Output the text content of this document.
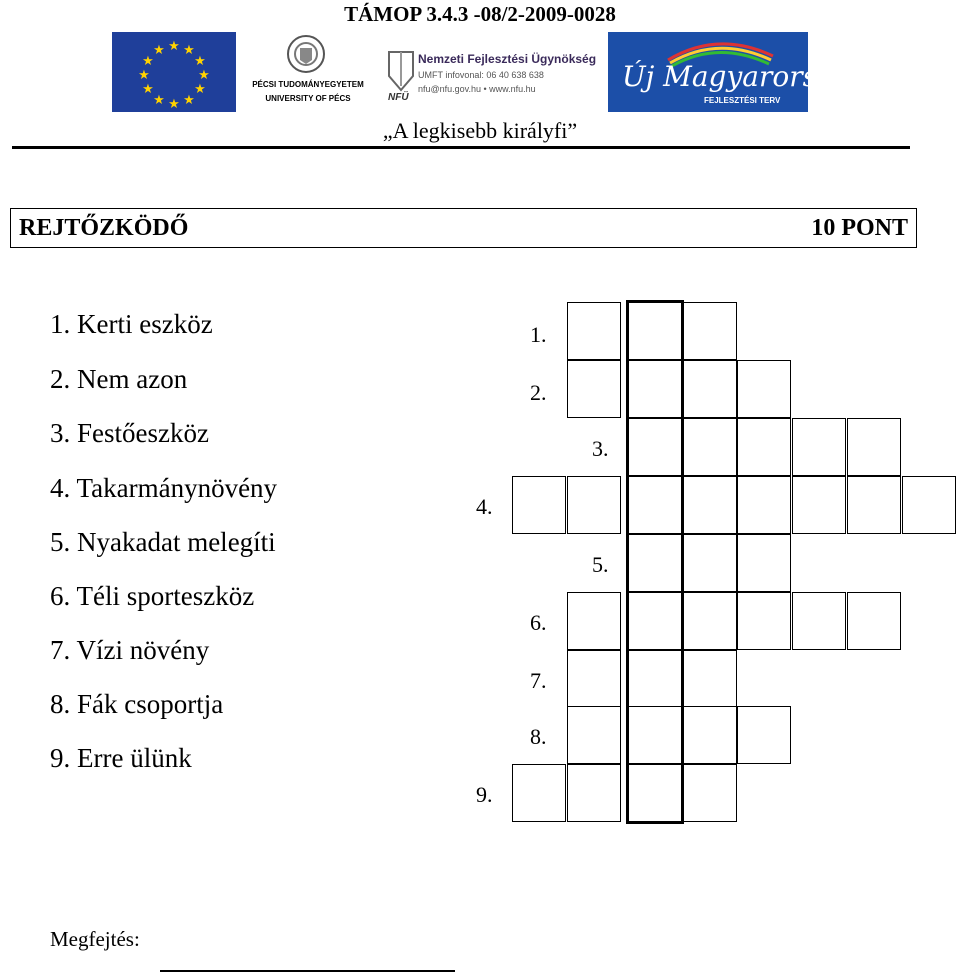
TÁMOP 3.4.3 -08/2-2009-0028
★ ★
★
★
★
★
★
★
★
★
★
★
PÉCSI TUDOMÁNYEGYETEM
UNIVERSITY OF PÉCS	NFÜ
Nemzeti Fejlesztési Ügynökség
UMFT infovonal: 06 40 638 638
nfu@nfu.gov.hu • www.nfu.hu	Új Magyarország
FEJLESZTÉSI TERV
„A legkisebb királyfi”
REJTŐZKÖDŐ	10 PONT
1. Kerti eszköz
2. Nem azon
3. Festőeszköz
4. Takarmánynövény
5. Nyakadat melegíti
6. Téli sporteszköz
7. Vízi növény
8. Fák csoportja
9. Erre ülünk
1.
2.
3.
4.
5.
6.
7.
8.
9.
Megfejtés:
